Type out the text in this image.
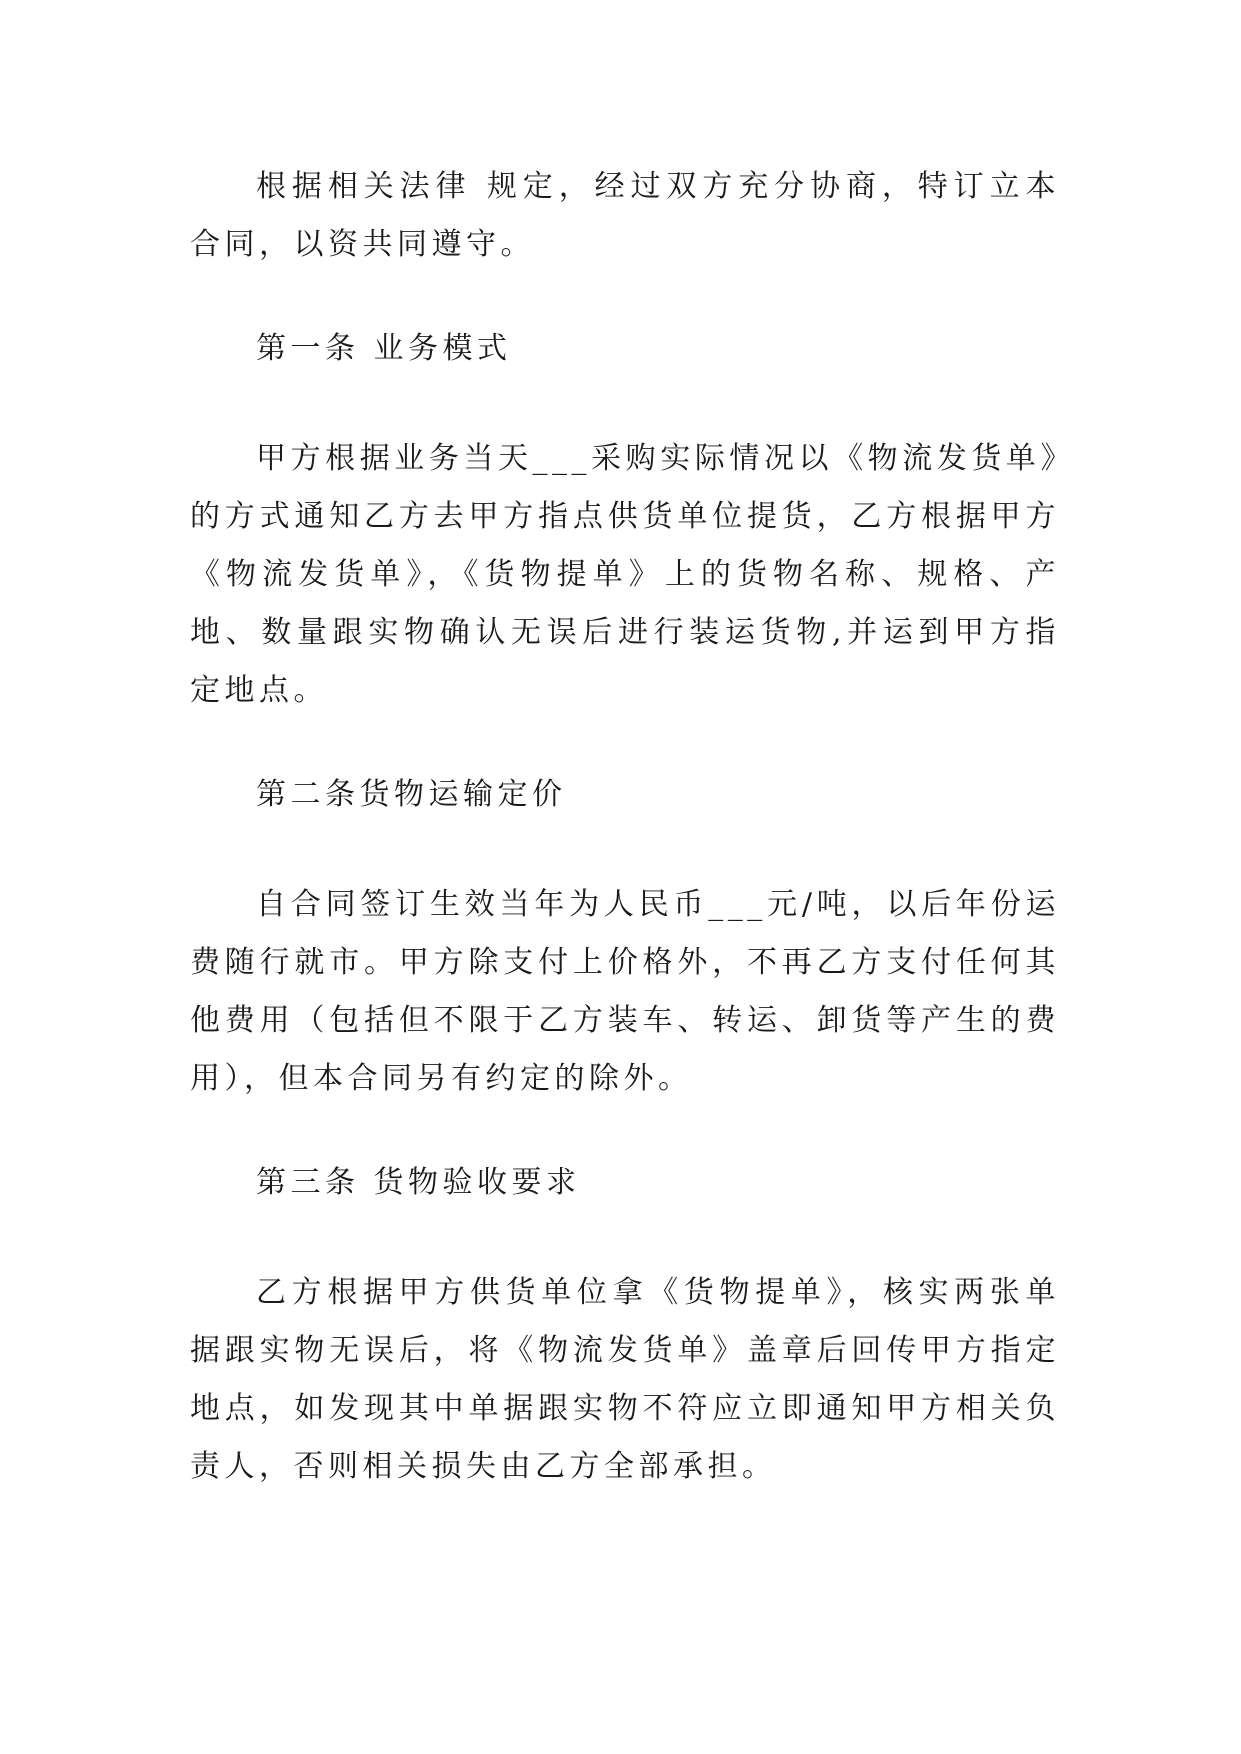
根据相关法律 规定，经过双方充分协商，特订立本合同，以资共同遵守。

第一条 业务模式

甲方根据业务当天___采购实际情况以《物流发货单》的方式通知乙方去甲方指点供货单位提货，乙方根据甲方《物流发货单》，《货物提单》上的货物名称、规格、产地、数量跟实物确认无误后进行装运货物,并运到甲方指定地点。

第二条货物运输定价

自合同签订生效当年为人民币___元/吨，以后年份运费随行就市。甲方除支付上价格外，不再乙方支付任何其他费用（包括但不限于乙方装车、转运、卸货等产生的费用），但本合同另有约定的除外。

第三条 货物验收要求

乙方根据甲方供货单位拿《货物提单》，核实两张单据跟实物无误后，将《物流发货单》盖章后回传甲方指定地点，如发现其中单据跟实物不符应立即通知甲方相关负责人，否则相关损失由乙方全部承担。
